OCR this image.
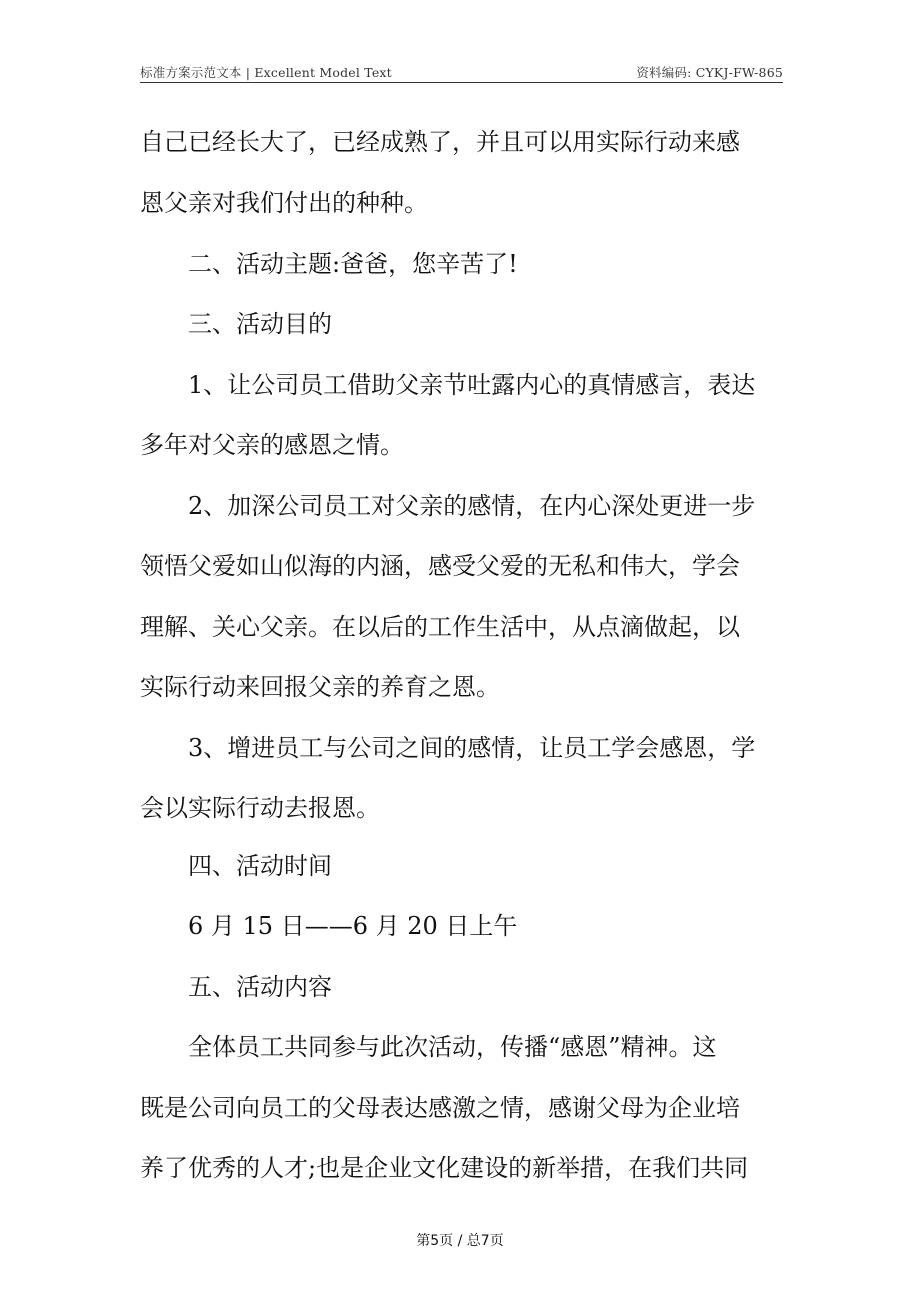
标准方案示范文本 | Excellent Model Text	资料编码: CYKJ-FW-865
自己已经长大了，已经成熟了，并且可以用实际行动来感
恩父亲对我们付出的种种。
二、活动主题:爸爸，您辛苦了!
三、活动目的
1、让公司员工借助父亲节吐露内心的真情感言，表达
多年对父亲的感恩之情。
2、加深公司员工对父亲的感情，在内心深处更进一步
领悟父爱如山似海的内涵，感受父爱的无私和伟大，学会
理解、关心父亲。在以后的工作生活中，从点滴做起，以
实际行动来回报父亲的养育之恩。
3、增进员工与公司之间的感情，让员工学会感恩，学
会以实际行动去报恩。
四、活动时间
6 月 15 日——6 月 20 日上午
五、活动内容
全体员工共同参与此次活动，传播“感恩”精神。这
既是公司向员工的父母表达感激之情，感谢父母为企业培
养了优秀的人才;也是企业文化建设的新举措，在我们共同
第5页 / 总7页
